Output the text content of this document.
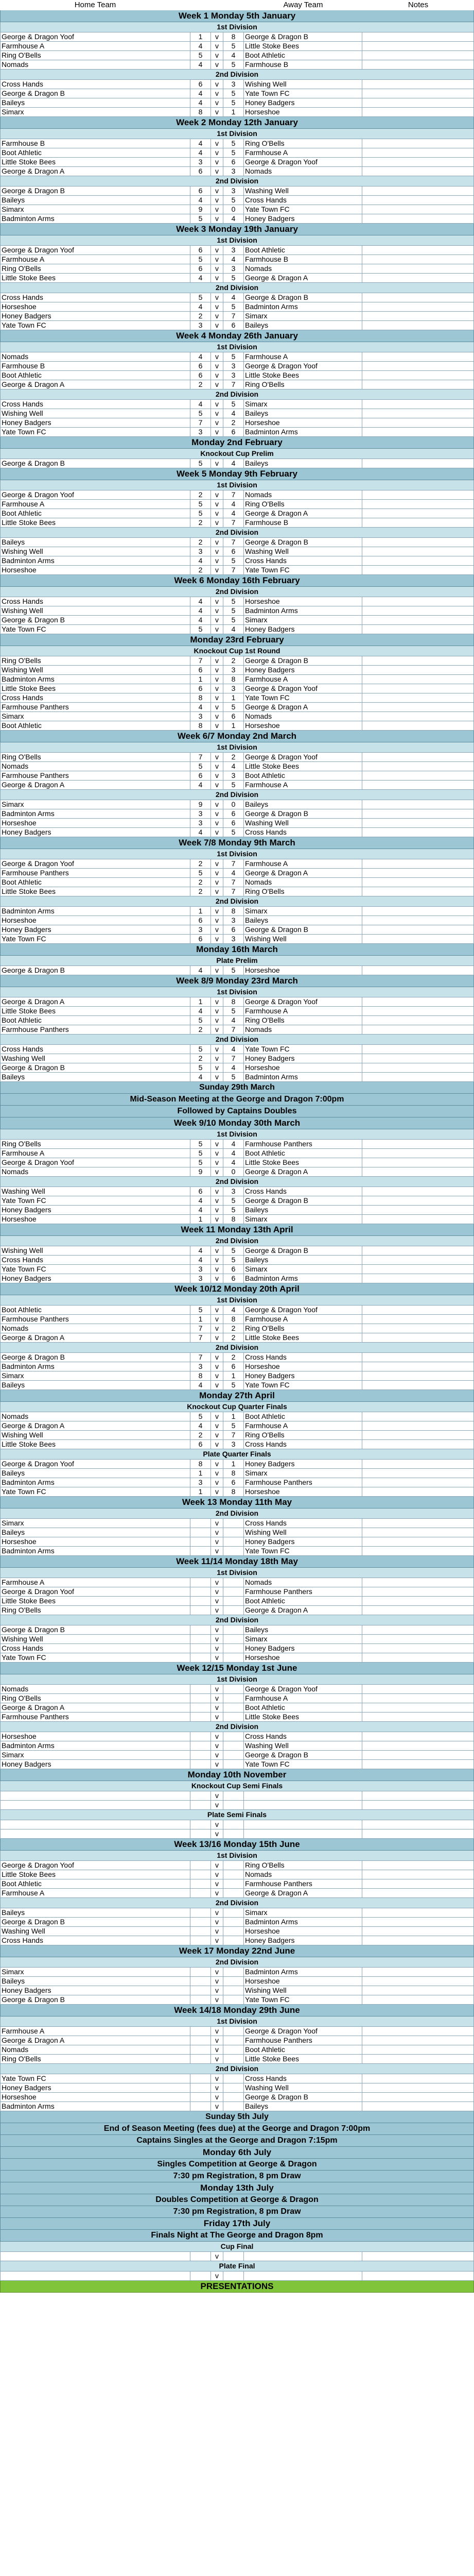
Home Team	Away Team	Notes
Week 1 Monday 5th January
1st Division
George & Dragon Yoof	1	v	8	George & Dragon B
Farmhouse A	4	v	5	Little Stoke Bees
Ring O'Bells	5	v	4	Boot Athletic
Nomads	4	v	5	Farmhouse B
2nd Division
Cross Hands	6	v	3	Wishing Well
George & Dragon B	4	v	5	Yate Town FC
Baileys	4	v	5	Honey Badgers
Simarx	8	v	1	Horseshoe
Week 2 Monday 12th January
1st Division
Farmhouse B	4	v	5	Ring O'Bells
Boot Athletic	4	v	5	Farmhouse A
Little Stoke Bees	3	v	6	George & Dragon Yoof
George & Dragon A	6	v	3	Nomads
2nd Division
George & Dragon B	6	v	3	Washing Well
Baileys	4	v	5	Cross Hands
Simarx	9	v	0	Yate Town FC
Badminton Arms	5	v	4	Honey Badgers
Week 3 Monday 19th January
1st Division
George & Dragon Yoof	6	v	3	Boot Athletic
Farmhouse A	5	v	4	Farmhouse B
Ring O'Bells	6	v	3	Nomads
Little Stoke Bees	4	v	5	George & Dragon A
2nd Division
Cross Hands	5	v	4	George & Dragon B
Horseshoe	4	v	5	Badminton Arms
Honey Badgers	2	v	7	Simarx
Yate Town FC	3	v	6	Baileys
Week 4 Monday 26th January
1st Division
Nomads	4	v	5	Farmhouse A
Farmhouse B	6	v	3	George & Dragon Yoof
Boot Athletic	6	v	3	Little Stoke Bees
George & Dragon A	2	v	7	Ring O'Bells
2nd Division
Cross Hands	4	v	5	Simarx
Wishing Well	5	v	4	Baileys
Honey Badgers	7	v	2	Horseshoe
Yate Town FC	3	v	6	Badminton Arms
Monday 2nd February
Knockout Cup Prelim
George & Dragon B	5	v	4	Baileys
Week 5 Monday 9th February
1st Division
George & Dragon Yoof	2	v	7	Nomads
Farmhouse A	5	v	4	Ring O'Bells
Boot Athletic	5	v	4	George & Dragon A
Little Stoke Bees	2	v	7	Farmhouse B
2nd Division
Baileys	2	v	7	George & Dragon B
Wishing Well	3	v	6	Washing Well
Badminton Arms	4	v	5	Cross Hands
Horseshoe	2	v	7	Yate Town FC
Week 6 Monday 16th February
2nd Division
Cross Hands	4	v	5	Horseshoe
Wishing Well	4	v	5	Badminton Arms
George & Dragon B	4	v	5	Simarx
Yate Town FC	5	v	4	Honey Badgers
Monday 23rd February
Knockout Cup 1st Round
Ring O'Bells	7	v	2	George & Dragon B
Wishing Well	6	v	3	Honey Badgers
Badminton Arms	1	v	8	Farmhouse A
Little Stoke Bees	6	v	3	George & Dragon Yoof
Cross Hands	8	v	1	Yate Town FC
Farmhouse Panthers	4	v	5	George & Dragon A
Simarx	3	v	6	Nomads
Boot Athletic	8	v	1	Horseshoe
Week 6/7 Monday 2nd March
1st Division
Ring O'Bells	7	v	2	George & Dragon Yoof
Nomads	5	v	4	Little Stoke Bees
Farmhouse Panthers	6	v	3	Boot Athletic
George & Dragon A	4	v	5	Farmhouse A
2nd Division
Simarx	9	v	0	Baileys
Badminton Arms	3	v	6	George & Dragon B
Horseshoe	3	v	6	Washing Well
Honey Badgers	4	v	5	Cross Hands
Week 7/8 Monday 9th March
1st Division
George & Dragon Yoof	2	v	7	Farmhouse A
Farmhouse Panthers	5	v	4	George & Dragon A
Boot Athletic	2	v	7	Nomads
Little Stoke Bees	2	v	7	Ring O'Bells
2nd Division
Badminton Arms	1	v	8	Simarx
Horseshoe	6	v	3	Baileys
Honey Badgers	3	v	6	George & Dragon B
Yate Town FC	6	v	3	Wishing Well
Monday 16th March
Plate Prelim
George & Dragon B	4	v	5	Horseshoe
Week 8/9 Monday 23rd March
1st Division
George & Dragon A	1	v	8	George & Dragon Yoof
Little Stoke Bees	4	v	5	Farmhouse A
Boot Athletic	5	v	4	Ring O'Bells
Farmhouse Panthers	2	v	7	Nomads
2nd Division
Cross Hands	5	v	4	Yate Town FC
Washing Well	2	v	7	Honey Badgers
George & Dragon B	5	v	4	Horseshoe
Baileys	4	v	5	Badminton Arms
Sunday 29th March
Mid-Season Meeting at the George and Dragon 7:00pm
Followed by Captains Doubles
Week 9/10 Monday 30th March
1st Division
Ring O'Bells	5	v	4	Farmhouse Panthers
Farmhouse A	5	v	4	Boot Athletic
George & Dragon Yoof	5	v	4	Little Stoke Bees
Nomads	9	v	0	George & Dragon A
2nd Division
Washing Well	6	v	3	Cross Hands
Yate Town FC	4	v	5	George & Dragon B
Honey Badgers	4	v	5	Baileys
Horseshoe	1	v	8	Simarx
Week 11 Monday 13th April
2nd Division
Wishing Well	4	v	5	George & Dragon B
Cross Hands	4	v	5	Baileys
Yate Town FC	3	v	6	Simarx
Honey Badgers	3	v	6	Badminton Arms
Week 10/12 Monday 20th April
1st Division
Boot Athletic	5	v	4	George & Dragon Yoof
Farmhouse Panthers	1	v	8	Farmhouse A
Nomads	7	v	2	Ring O'Bells
George & Dragon A	7	v	2	Little Stoke Bees
2nd Division
George & Dragon B	7	v	2	Cross Hands
Badminton Arms	3	v	6	Horseshoe
Simarx	8	v	1	Honey Badgers
Baileys	4	v	5	Yate Town FC
Monday 27th April
Knockout Cup Quarter Finals
Nomads	5	v	1	Boot Athletic
George & Dragon A	4	v	5	Farmhouse A
Wishing Well	2	v	7	Ring O'Bells
Little Stoke Bees	6	v	3	Cross Hands
Plate Quarter Finals
George & Dragon Yoof	8	v	1	Honey Badgers
Baileys	1	v	8	Simarx
Badminton Arms	3	v	6	Farmhouse Panthers
Yate Town FC	1	v	8	Horseshoe
Week 13 Monday 11th May
2nd Division
Simarx	v	Cross Hands
Baileys	v	Wishing Well
Horseshoe	v	Honey Badgers
Badminton Arms	v	Yate Town FC
Week 11/14 Monday 18th May
1st Division
Farmhouse A	v	Nomads
George & Dragon Yoof	v	Farmhouse Panthers
Little Stoke Bees	v	Boot Athletic
Ring O'Bells	v	George & Dragon A
2nd Division
George & Dragon B	v	Baileys
Wishing Well	v	Simarx
Cross Hands	v	Honey Badgers
Yate Town FC	v	Horseshoe
Week 12/15 Monday 1st June
1st Division
Nomads	v	George & Dragon Yoof
Ring O'Bells	v	Farmhouse A
George & Dragon A	v	Boot Athletic
Farmhouse Panthers	v	Little Stoke Bees
2nd Division
Horseshoe	v	Cross Hands
Badminton Arms	v	Washing Well
Simarx	v	George & Dragon B
Honey Badgers	v	Yate Town FC
Monday 10th November
Knockout Cup Semi Finals
v
v
Plate Semi Finals
v
v
Week 13/16 Monday 15th June
1st Division
George & Dragon Yoof	v	Ring O'Bells
Little Stoke Bees	v	Nomads
Boot Athletic	v	Farmhouse Panthers
Farmhouse A	v	George & Dragon A
2nd Division
Baileys	v	Simarx
George & Dragon B	v	Badminton Arms
Washing Well	v	Horseshoe
Cross Hands	v	Honey Badgers
Week 17 Monday 22nd June
2nd Division
Simarx	v	Badminton Arms
Baileys	v	Horseshoe
Honey Badgers	v	Wishing Well
George & Dragon B	v	Yate Town FC
Week 14/18 Monday 29th June
1st Division
Farmhouse A	v	George & Dragon Yoof
George & Dragon A	v	Farmhouse Panthers
Nomads	v	Boot Athletic
Ring O'Bells	v	Little Stoke Bees
2nd Division
Yate Town FC	v	Cross Hands
Honey Badgers	v	Washing Well
Horseshoe	v	George & Dragon B
Badminton Arms	v	Baileys
Sunday 5th July
End of Season Meeting (fees due) at the George and Dragon 7:00pm
Captains Singles at the George and Dragon 7:15pm
Monday 6th July
Singles Competition at George & Dragon
7:30 pm Registration, 8 pm Draw
Monday 13th July
Doubles Competition at George & Dragon
7:30 pm Registration, 8 pm Draw
Friday 17th July
Finals Night at The George and Dragon 8pm
Cup Final
v
Plate Final
v
PRESENTATIONS
